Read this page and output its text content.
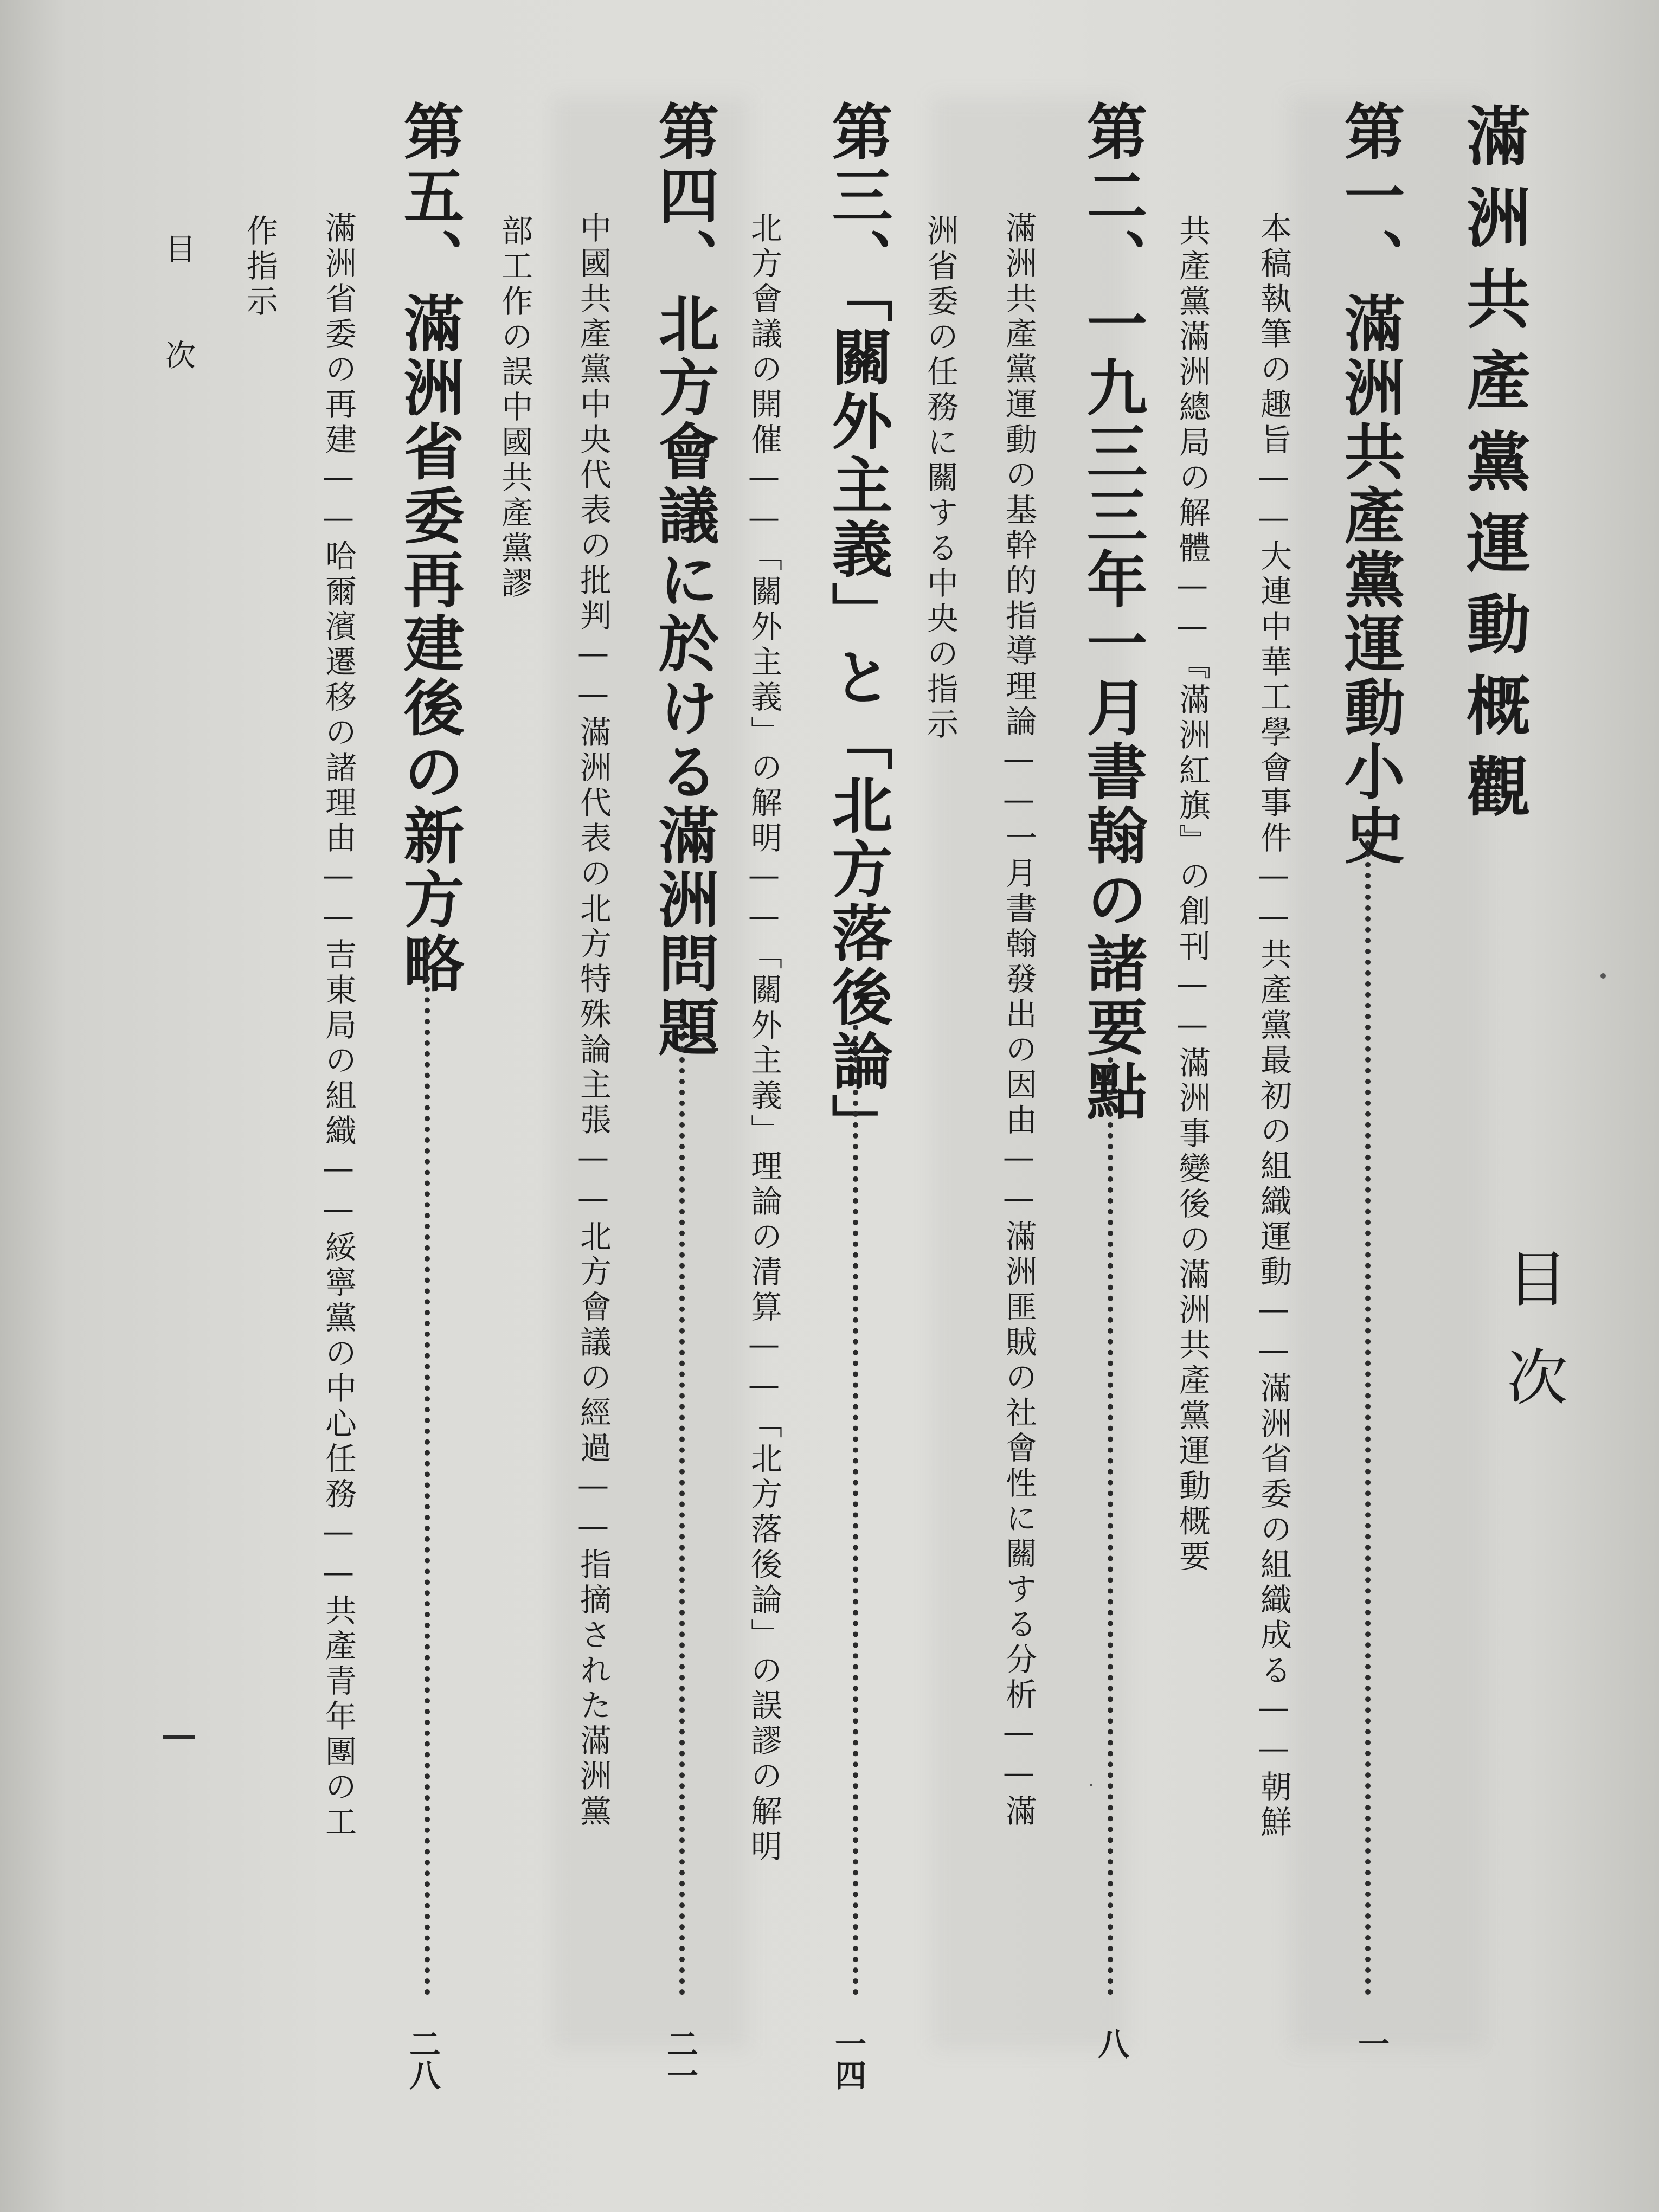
滿洲共產黨運動概觀
目次
第一、滿洲共產黨運動小史
一
本稿執筆の趣旨——大連中華工學會事件——共產黨最初の組織運動——滿洲省委の組織成る——朝鮮
共產黨滿洲總局の解體——『滿洲紅旗』の創刊——滿洲事變後の滿洲共產黨運動概要
第二、一九三三年一月書翰の諸要點
八
滿洲共產黨運動の基幹的指導理論——一月書翰發出の因由——滿洲匪賊の社會性に關する分析——滿
洲省委の任務に關する中央の指示
第三、「關外主義」と「北方落後論」
一四
北方會議の開催——「關外主義」の解明——「關外主義」理論の清算——「北方落後論」の誤謬の解明
第四、北方會議に於ける滿洲問題
二一
中國共產黨中央代表の批判——滿洲代表の北方特殊論主張——北方會議の經過——指摘された滿洲黨
部工作の誤中國共產黨謬
第五、滿洲省委再建後の新方略
二八
滿洲省委の再建——哈爾濱遷移の諸理由——吉東局の組織——綏寧黨の中心任務——共產青年團の工
作指示
目次
